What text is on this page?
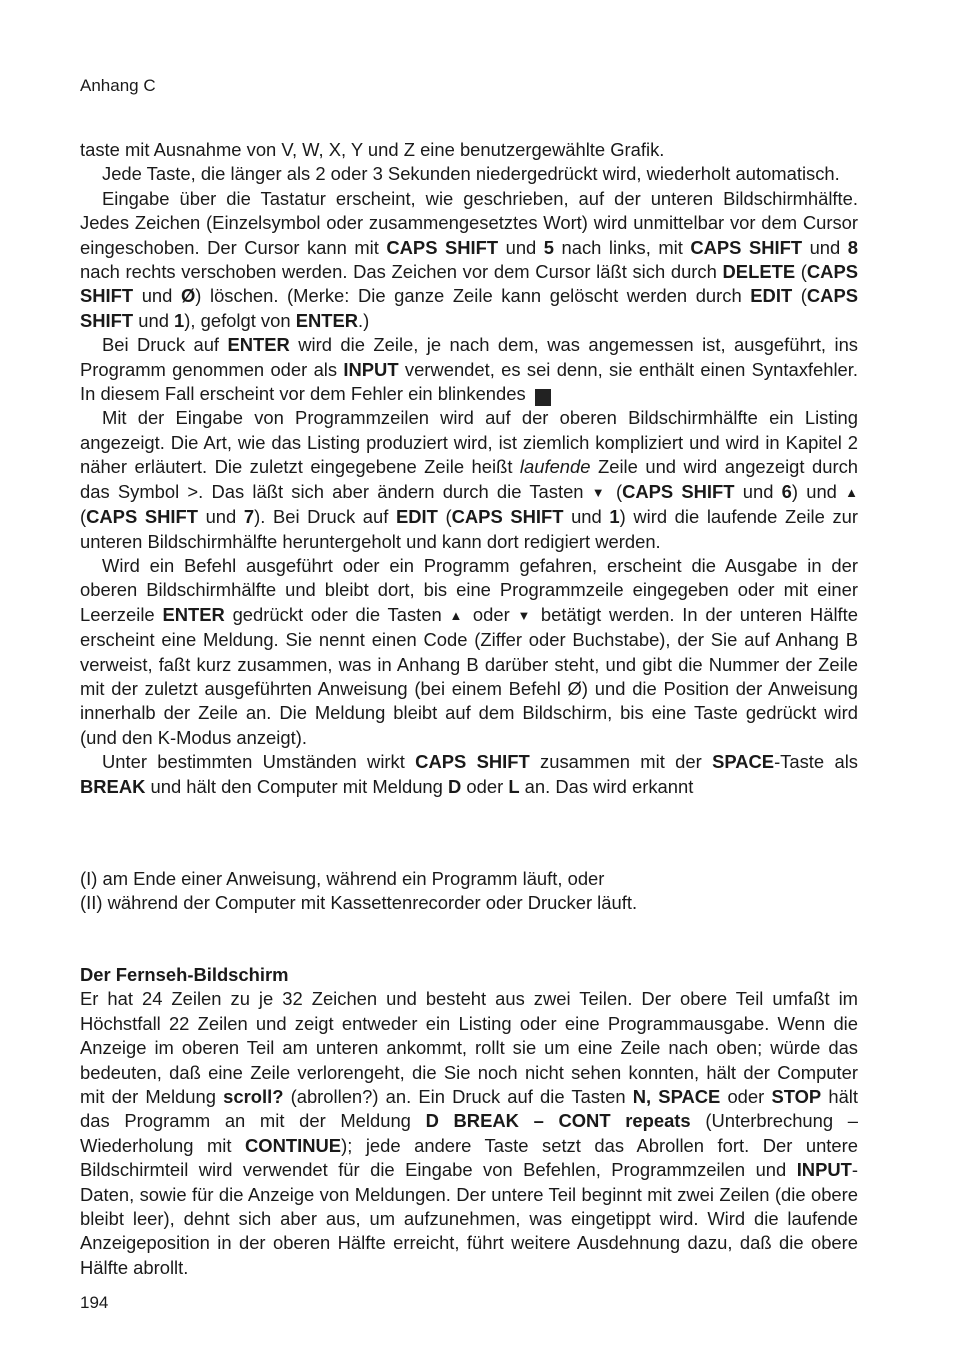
Anhang C

taste mit Ausnahme von V, W, X, Y und Z eine benutzergewählte Grafik.

Jede Taste, die länger als 2 oder 3 Sekunden niedergedrückt wird, wiederholt automatisch.

Eingabe über die Tastatur erscheint, wie geschrieben, auf der unteren Bildschirmhälfte. Jedes Zeichen (Einzelsymbol oder zusammengesetztes Wort) wird unmittelbar vor dem Cursor eingeschoben. Der Cursor kann mit CAPS SHIFT und 5 nach links, mit CAPS SHIFT und 8 nach rechts verschoben werden. Das Zeichen vor dem Cursor läßt sich durch DELETE (CAPS SHIFT und Ø) löschen. (Merke: Die ganze Zeile kann gelöscht werden durch EDIT (CAPS SHIFT und 1), gefolgt von ENTER.)

Bei Druck auf ENTER wird die Zeile, je nach dem, was angemessen ist, ausgeführt, ins Programm genommen oder als INPUT verwendet, es sei denn, sie enthält einen Syntaxfehler. In diesem Fall erscheint vor dem Fehler ein blinkendes ?

Mit der Eingabe von Programmzeilen wird auf der oberen Bildschirmhälfte ein Listing angezeigt. Die Art, wie das Listing produziert wird, ist ziemlich kompliziert und wird in Kapitel 2 näher erläutert. Die zuletzt eingegebene Zeile heißt laufende Zeile und wird angezeigt durch das Symbol >. Das läßt sich aber ändern durch die Tasten ▼ (CAPS SHIFT und 6) und ▲ (CAPS SHIFT und 7). Bei Druck auf EDIT (CAPS SHIFT und 1) wird die laufende Zeile zur unteren Bildschirmhälfte heruntergeholt und kann dort redigiert werden.

Wird ein Befehl ausgeführt oder ein Programm gefahren, erscheint die Ausgabe in der oberen Bildschirmhälfte und bleibt dort, bis eine Programmzeile eingegeben oder mit einer Leerzeile ENTER gedrückt oder die Tasten ▲ oder ▼ betätigt werden. In der unteren Hälfte erscheint eine Meldung. Sie nennt einen Code (Ziffer oder Buchstabe), der Sie auf Anhang B verweist, faßt kurz zusammen, was in Anhang B darüber steht, und gibt die Nummer der Zeile mit der zuletzt ausgeführten Anweisung (bei einem Befehl Ø) und die Position der Anweisung innerhalb der Zeile an. Die Meldung bleibt auf dem Bildschirm, bis eine Taste gedrückt wird (und den K-Modus anzeigt).

Unter bestimmten Umständen wirkt CAPS SHIFT zusammen mit der SPACE-Taste als BREAK und hält den Computer mit Meldung D oder L an. Das wird erkannt

(I) am Ende einer Anweisung, während ein Programm läuft, oder
(II) während der Computer mit Kassettenrecorder oder Drucker läuft.
Der Fernseh-Bildschirm

Er hat 24 Zeilen zu je 32 Zeichen und besteht aus zwei Teilen. Der obere Teil umfaßt im Höchstfall 22 Zeilen und zeigt entweder ein Listing oder eine Programmausgabe. Wenn die Anzeige im oberen Teil am unteren ankommt, rollt sie um eine Zeile nach oben; würde das bedeuten, daß eine Zeile verlorengeht, die Sie noch nicht sehen konnten, hält der Computer mit der Meldung scroll? (abrollen?) an. Ein Druck auf die Tasten N, SPACE oder STOP hält das Programm an mit der Meldung D BREAK – CONT repeats (Unterbrechung – Wiederholung mit CONTINUE); jede andere Taste setzt das Abrollen fort. Der untere Bildschirmteil wird verwendet für die Eingabe von Befehlen, Programmzeilen und INPUT-Daten, sowie für die Anzeige von Meldungen. Der untere Teil beginnt mit zwei Zeilen (die obere bleibt leer), dehnt sich aber aus, um aufzunehmen, was eingetippt wird. Wird die laufende Anzeigeposition in der oberen Hälfte erreicht, führt weitere Ausdehnung dazu, daß die obere Hälfte abrollt.

194
